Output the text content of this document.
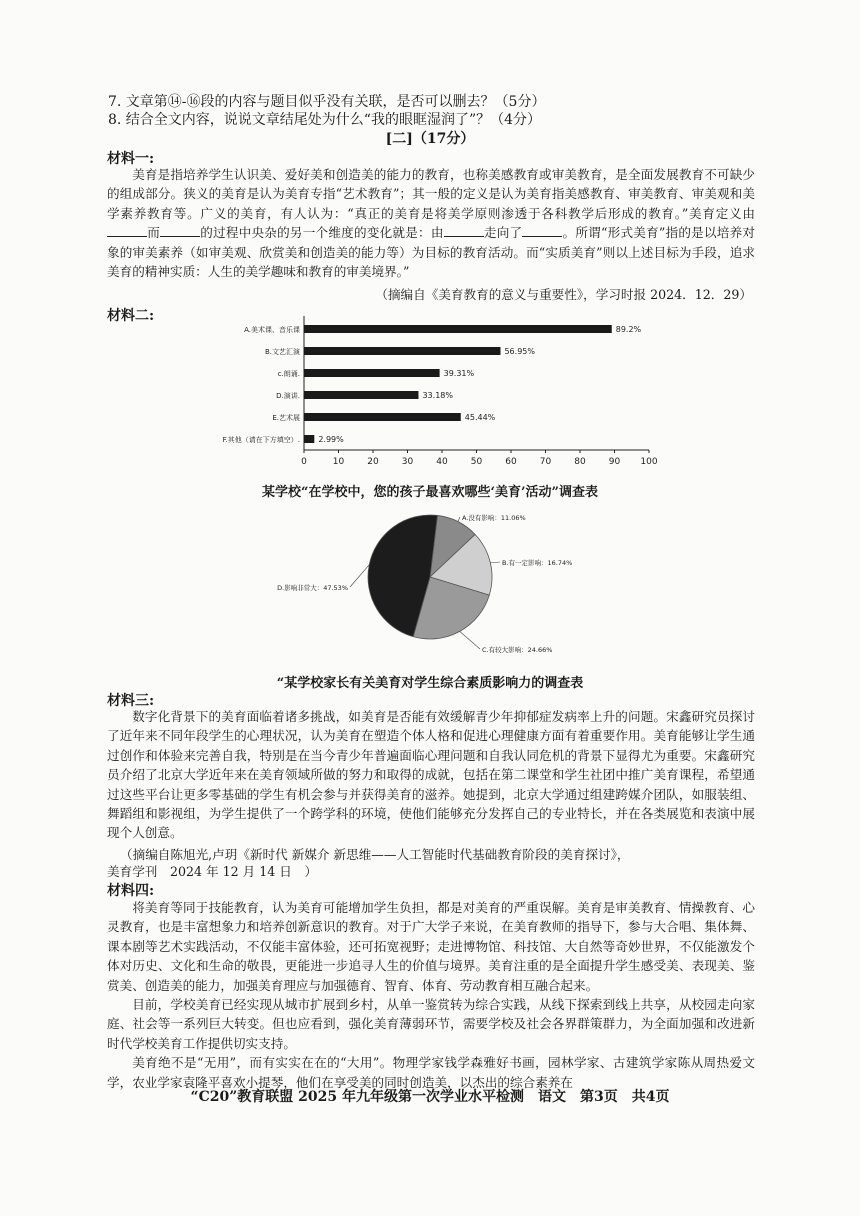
7. 文章第⑭-⑯段的内容与题目似乎没有关联，是否可以删去？（5分）
8. 结合全文内容，说说文章结尾处为什么“我的眼眶湿润了”？（4分）
[二]（17分）
材料一:

美育是指培养学生认识美、爱好美和创造美的能力的教育，也称美感教育或审美教育，是全面发展教育不可缺少的组成部分。狭义的美育是认为美育专指“艺术教育”；其一般的定义是认为美育指美感教育、审美教育、审美观和美学素养教育等。广义的美育，有人认为：“真正的美育是将美学原则渗透于各科教学后形成的教育。”美育定义由而	的过程中央杂的另一个维度的变化就是：由	走向了	。所谓“形式美育”指的是以培养对象的审美素养（如审美观、欣赏美和创造美的能力等）为目标的教育活动。而“实质美育”则以上述目标为手段，追求美育的精神实质：人生的美学趣味和教育的审美境界。”

（摘编自《美育教育的意义与重要性》，学习时报 2024．12．29）
材料二:
A.美术课、音乐课	89.2%
B.文艺汇演	56.95%
c.朗诵.	39.31%
D.演讲.	33.18%
E.艺术展	45.44%
F.其他（请在下方填空）. 2.99%
0	10	20	30	40	50	60	70	80	90 100
某学校“在学校中，您的孩子最喜欢哪些‘美育’活动”调查表
A.没有影响：11.06%
B.有一定影响：16.74%
C.有较大影响：24.66%
D.影响非常大：47.53%
“某学校家长有关美育对学生综合素质影响力的调查表
材料三:

数字化背景下的美育面临着诸多挑战，如美育是否能有效缓解青少年抑郁症发病率上升的问题。宋鑫研究员探讨了近年来不同年段学生的心理状况，认为美育在塑造个体人格和促进心理健康方面有着重要作用。美育能够让学生通过创作和体验来完善自我，特别是在当今青少年普遍面临心理问题和自我认同危机的背景下显得尤为重要。宋鑫研究员介绍了北京大学近年来在美育领域所做的努力和取得的成就，包括在第二课堂和学生社团中推广美育课程，希望通过这些平台让更多零基础的学生有机会参与并获得美育的滋养。她提到，北京大学通过组建跨媒介团队，如服装组、舞蹈组和影视组，为学生提供了一个跨学科的环境，使他们能够充分发挥自己的专业特长，并在各类展览和表演中展现个人创意。

（摘编自陈旭光,卢玥《新时代 新媒介 新思维——人工智能时代基础教育阶段的美育探讨》，
美育学刊　2024 年 12 月 14 日　）
材料四:

将美育等同于技能教育，认为美育可能增加学生负担，都是对美育的严重误解。美育是审美教育、情操教育、心灵教育，也是丰富想象力和培养创新意识的教育。对于广大学子来说，在美育教师的指导下，参与大合唱、集体舞、课本剧等艺术实践活动，不仅能丰富体验，还可拓宽视野；走进博物馆、科技馆、大自然等奇妙世界，不仅能激发个体对历史、文化和生命的敬畏，更能进一步追寻人生的价值与境界。美育注重的是全面提升学生感受美、表现美、鉴赏美、创造美的能力，加强美育理应与加强德育、智育、体育、劳动教育相互融合起来。

目前，学校美育已经实现从城市扩展到乡村，从单一鉴赏转为综合实践，从线下探索到线上共享，从校园走向家庭、社会等一系列巨大转变。但也应看到，强化美育薄弱环节，需要学校及社会各界群策群力，为全面加强和改进新时代学校美育工作提供切实支持。

美育绝不是“无用”，而有实实在在的“大用”。物理学家钱学森雅好书画，园林学家、古建筑学家陈从周热爱文学，农业学家袁隆平喜欢小提琴，他们在享受美的同时创造美，以杰出的综合素养在

“C20”教育联盟 2025 年九年级第一次学业水平检测　语文　第3页　共4页
